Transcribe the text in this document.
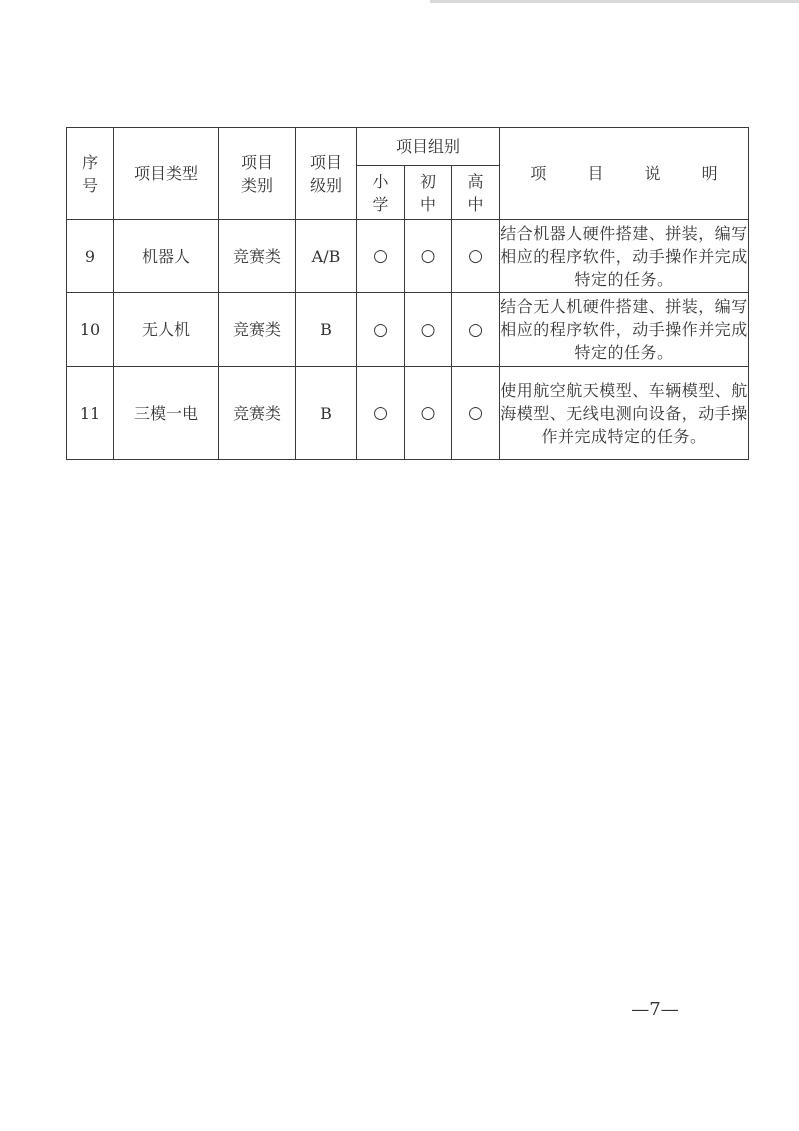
序号	项目类型	项目类别	项目级别	项目组别			项 目 说 明
				小学	初中	高中	
9	机器人	竞赛类	A/B	○	○	○	结合机器人硬件搭建、拼装，编写相应的程序软件，动手操作并完成特定的任务。
10	无人机	竞赛类	B	○	○	○	结合无人机硬件搭建、拼装，编写相应的程序软件，动手操作并完成特定的任务。
11	三模一电	竞赛类	B	○	○	○	使用航空航天模型、车辆模型、航海模型、无线电测向设备，动手操作并完成特定的任务。
—7—
